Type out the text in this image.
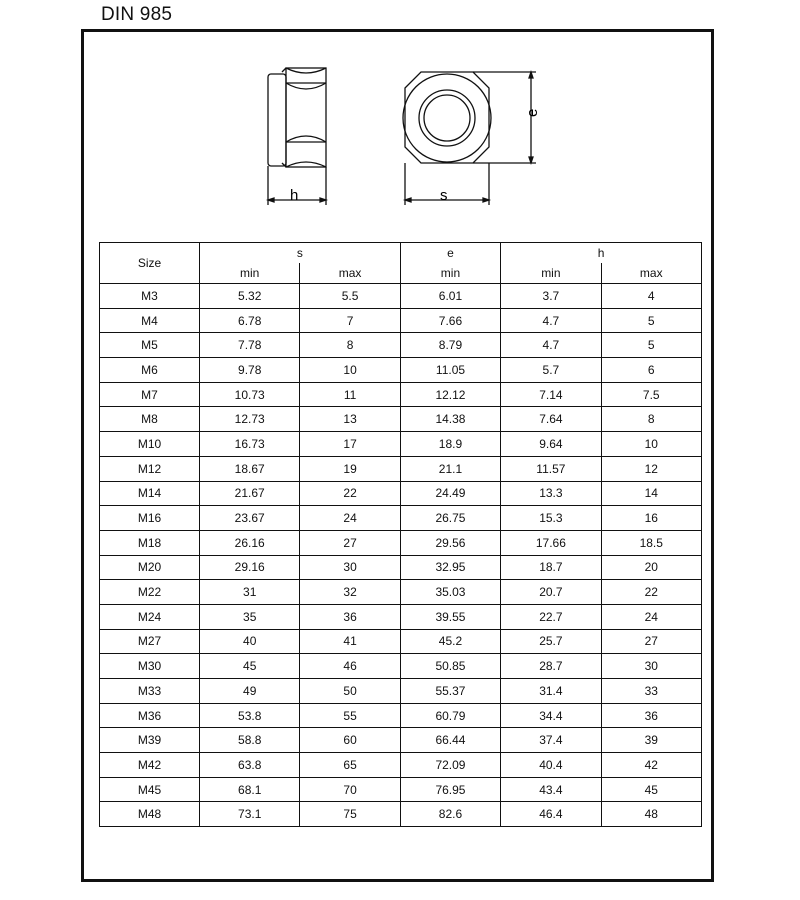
DIN 985
h	s
e
Size	s		e	h	
	min	max	min	min	max
M3	5.32	5.5	6.01	3.7	4
M4	6.78	7	7.66	4.7	5
M5	7.78	8	8.79	4.7	5
M6	9.78	10	11.05	5.7	6
M7	10.73	11	12.12	7.14	7.5
M8	12.73	13	14.38	7.64	8
M10	16.73	17	18.9	9.64	10
M12	18.67	19	21.1	11.57	12
M14	21.67	22	24.49	13.3	14
M16	23.67	24	26.75	15.3	16
M18	26.16	27	29.56	17.66	18.5
M20	29.16	30	32.95	18.7	20
M22	31	32	35.03	20.7	22
M24	35	36	39.55	22.7	24
M27	40	41	45.2	25.7	27
M30	45	46	50.85	28.7	30
M33	49	50	55.37	31.4	33
M36	53.8	55	60.79	34.4	36
M39	58.8	60	66.44	37.4	39
M42	63.8	65	72.09	40.4	42
M45	68.1	70	76.95	43.4	45
M48	73.1	75	82.6	46.4	48
